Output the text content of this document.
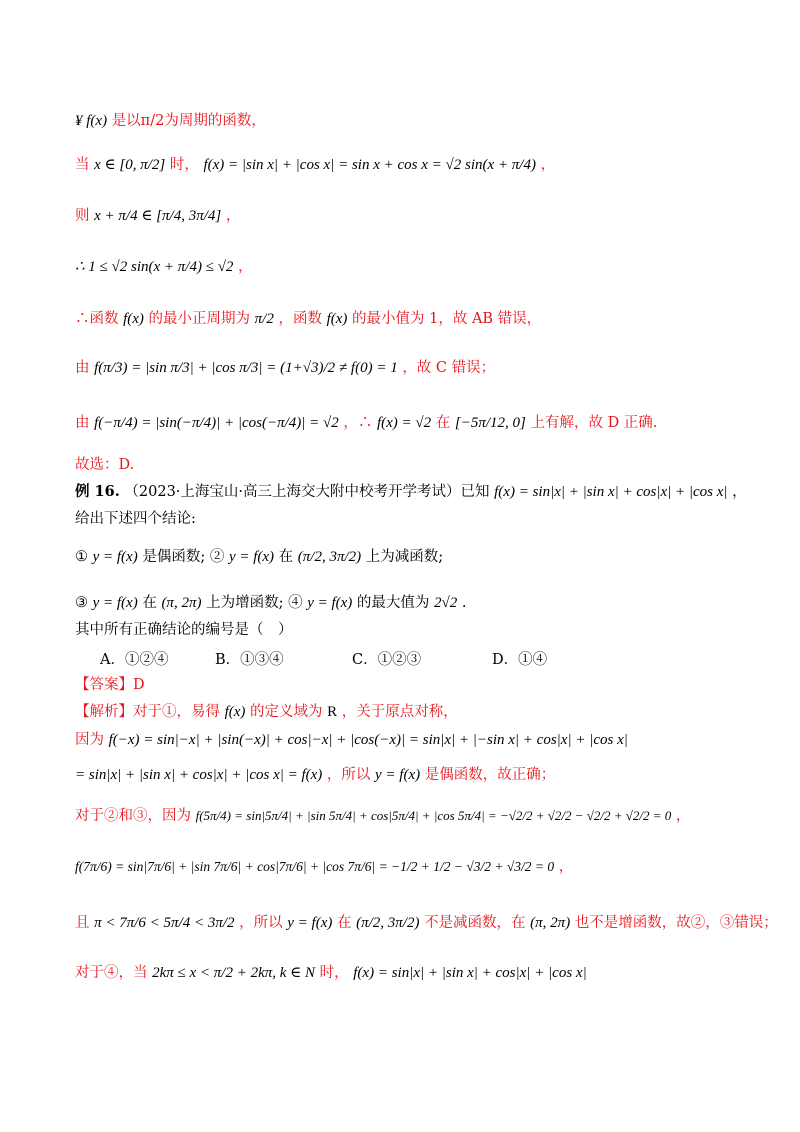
¥ f(x) 是以π/2为周期的函数，
当 x ∈ [0, π/2] 时， f(x) = |sin x| + |cos x| = sin x + cos x = √2 sin(x + π/4) ，
则 x + π/4 ∈ [π/4, 3π/4] ，
∴ 1 ≤ √2 sin(x + π/4) ≤ √2 ，
∴函数 f(x) 的最小正周期为 π/2 ，函数 f(x) 的最小值为 1，故 AB 错误，
由 f(π/3) = |sin π/3| + |cos π/3| = (1+√3)/2 ≠ f(0) = 1 ，故 C 错误；
由 f(−π/4) = |sin(−π/4)| + |cos(−π/4)| = √2 ，∴ f(x) = √2 在 [−5π/12, 0] 上有解，故 D 正确.
故选：D.
例 16. （2023·上海宝山·高三上海交大附中校考开学考试）已知 f(x) = sin|x| + |sin x| + cos|x| + |cos x| ，
给出下述四个结论:
① y = f(x) 是偶函数; ② y = f(x) 在 (π/2, 3π/2) 上为减函数;
③ y = f(x) 在 (π, 2π) 上为增函数; ④ y = f(x) 的最大值为 2√2 .
其中所有正确结论的编号是（　）
A．①②④	B．①③④	C．①②③	D．①④
【答案】D
【解析】对于①，易得 f(x) 的定义域为 R ，关于原点对称，
因为 f(−x) = sin|−x| + |sin(−x)| + cos|−x| + |cos(−x)| = sin|x| + |−sin x| + cos|x| + |cos x|
= sin|x| + |sin x| + cos|x| + |cos x| = f(x) ，所以 y = f(x) 是偶函数，故正确；
对于②和③，因为 f(5π/4) = sin|5π/4| + |sin 5π/4| + cos|5π/4| + |cos 5π/4| = −√2/2 + √2/2 − √2/2 + √2/2 = 0 ，
f(7π/6) = sin|7π/6| + |sin 7π/6| + cos|7π/6| + |cos 7π/6| = −1/2 + 1/2 − √3/2 + √3/2 = 0 ，
且 π < 7π/6 < 5π/4 < 3π/2 ，所以 y = f(x) 在 (π/2, 3π/2) 不是减函数，在 (π, 2π) 也不是增函数，故②，③错误；
对于④，当 2kπ ≤ x < π/2 + 2kπ, k ∈ N 时， f(x) = sin|x| + |sin x| + cos|x| + |cos x|
